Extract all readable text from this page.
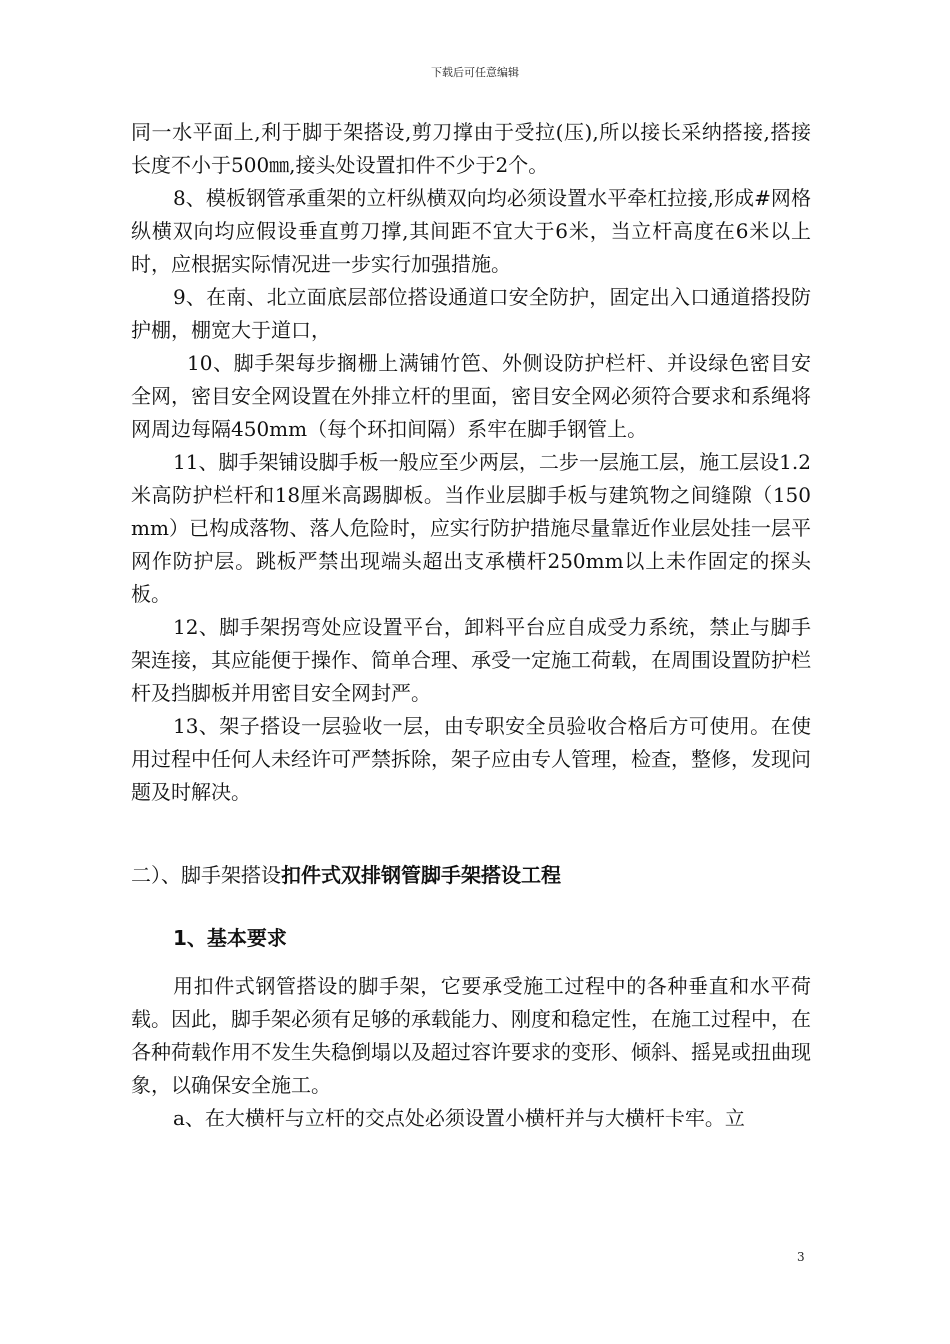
下载后可任意编辑

同一水平面上,利于脚于架搭设,剪刀撑由于受拉(压),所以接长采纳搭接,搭接长度不小于500㎜,接头处设置扣件不少于2个。

8、模板钢管承重架的立杆纵横双向均必须设置水平牵杠拉接,形成#网格纵横双向均应假设垂直剪刀撑,其间距不宜大于6米，当立杆高度在6米以上时，应根据实际情况进一步实行加强措施。

9、在南、北立面底层部位搭设通道口安全防护，固定出入口通道搭投防护棚，棚宽大于道口，

10、脚手架每步搁栅上满铺竹笆、外侧设防护栏杆、并设绿色密目安全网，密目安全网设置在外排立杆的里面，密目安全网必须符合要求和系绳将网周边每隔450mm（每个环扣间隔）系牢在脚手钢管上。

11、脚手架铺设脚手板一般应至少两层，二步一层施工层，施工层设1.2米高防护栏杆和18厘米高踢脚板。当作业层脚手板与建筑物之间缝隙（150mm）已构成落物、落人危险时，应实行防护措施尽量靠近作业层处挂一层平网作防护层。跳板严禁出现端头超出支承横杆250mm以上未作固定的探头板。

12、脚手架拐弯处应设置平台，卸料平台应自成受力系统，禁止与脚手架连接，其应能便于操作、简单合理、承受一定施工荷载，在周围设置防护栏杆及挡脚板并用密目安全网封严。

13、架子搭设一层验收一层，由专职安全员验收合格后方可使用。在使用过程中任何人未经许可严禁拆除，架子应由专人管理，检查，整修，发现问题及时解决。

二）、脚手架搭设扣件式双排钢管脚手架搭设工程

1、基本要求

用扣件式钢管搭设的脚手架，它要承受施工过程中的各种垂直和水平荷载。因此，脚手架必须有足够的承载能力、刚度和稳定性，在施工过程中，在各种荷载作用不发生失稳倒塌以及超过容许要求的变形、倾斜、摇晃或扭曲现象，以确保安全施工。

a、在大横杆与立杆的交点处必须设置小横杆并与大横杆卡牢。立

3
